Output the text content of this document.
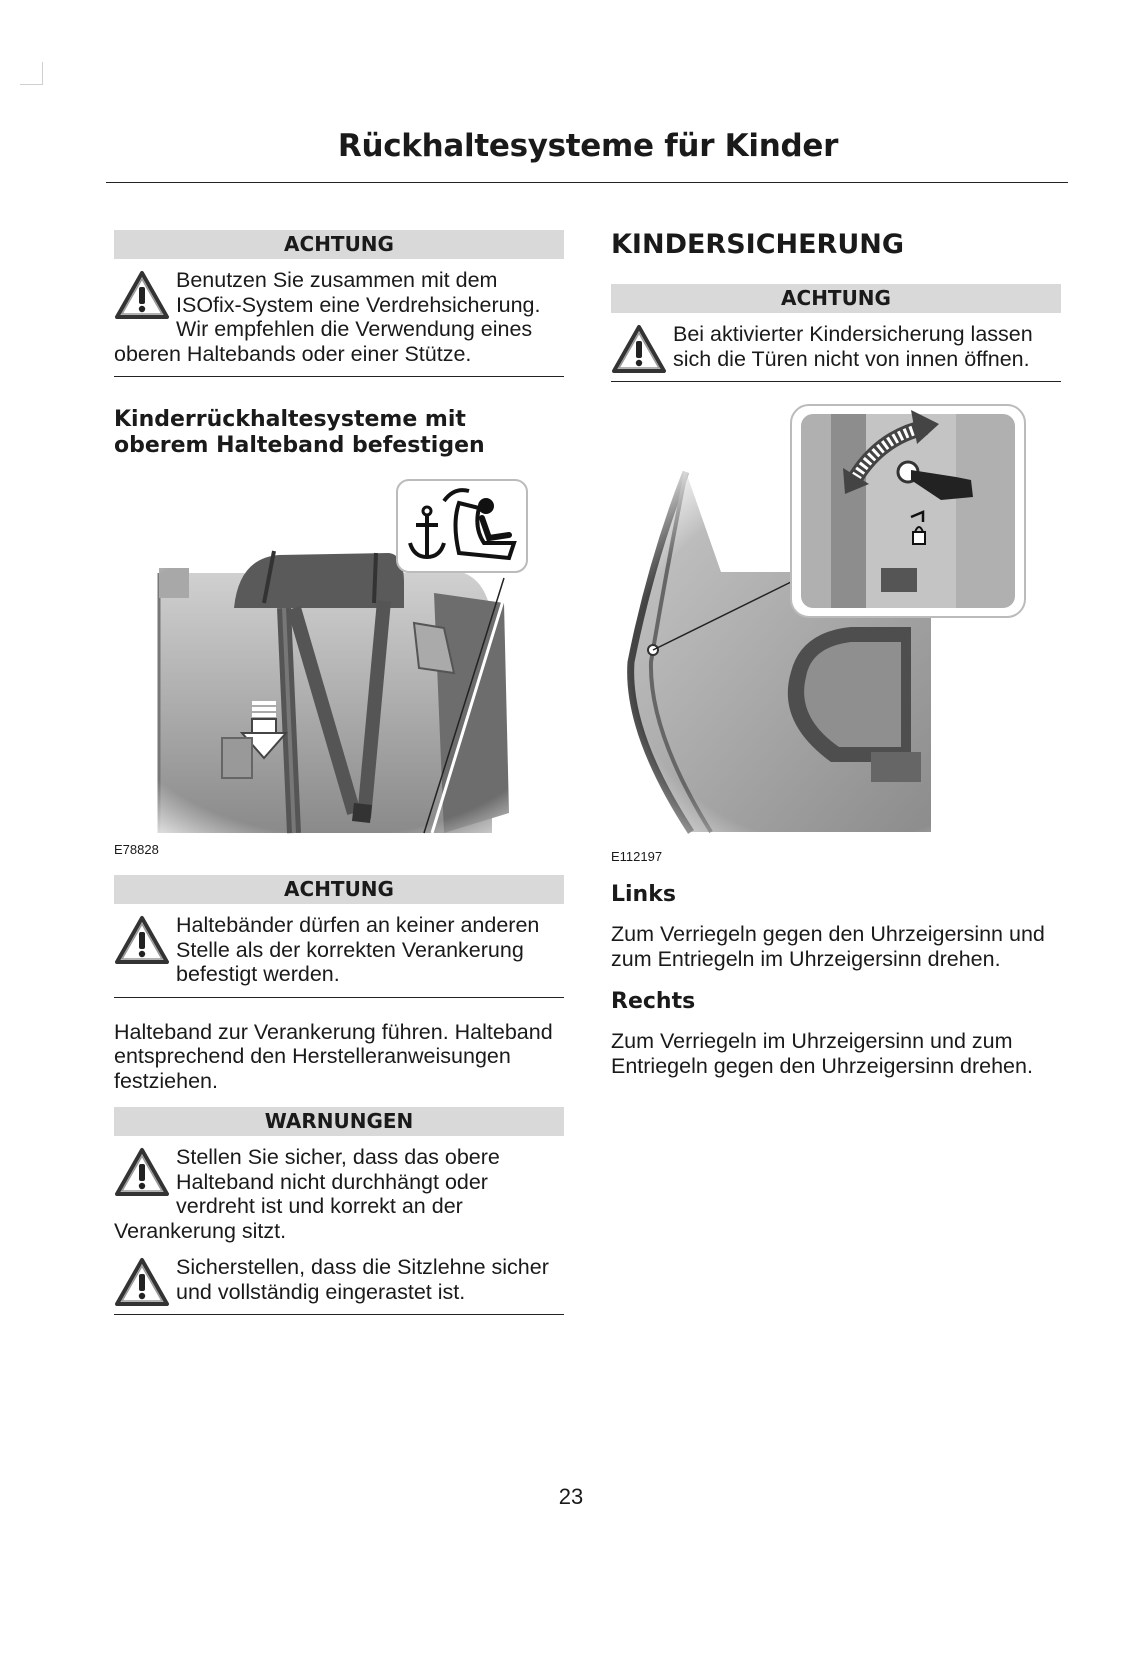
Rückhaltesysteme für Kinder
ACHTUNG
Benutzen Sie zusammen mit dem ISOfix-System eine Verdrehsicherung. Wir empfehlen die Verwendung eines oberen Haltebands oder einer Stütze.
Kinderrückhaltesysteme mit oberem Halteband befestigen
E78828
ACHTUNG
Haltebänder dürfen an keiner anderen Stelle als der korrekten Verankerung befestigt werden.

Halteband zur Verankerung führen. Halteband entsprechend den Herstelleranweisungen festziehen.

WARNUNGEN
Stellen Sie sicher, dass das obere Halteband nicht durchhängt oder verdreht ist und korrekt an der Verankerung sitzt.
Sicherstellen, dass die Sitzlehne sicher und vollständig eingerastet ist.
KINDERSICHERUNG
ACHTUNG
Bei aktivierter Kindersicherung lassen sich die Türen nicht von innen öffnen.
E112197
Links

Zum Verriegeln gegen den Uhrzeigersinn und zum Entriegeln im Uhrzeigersinn drehen.

Rechts

Zum Verriegeln im Uhrzeigersinn und zum Entriegeln gegen den Uhrzeigersinn drehen.

23
